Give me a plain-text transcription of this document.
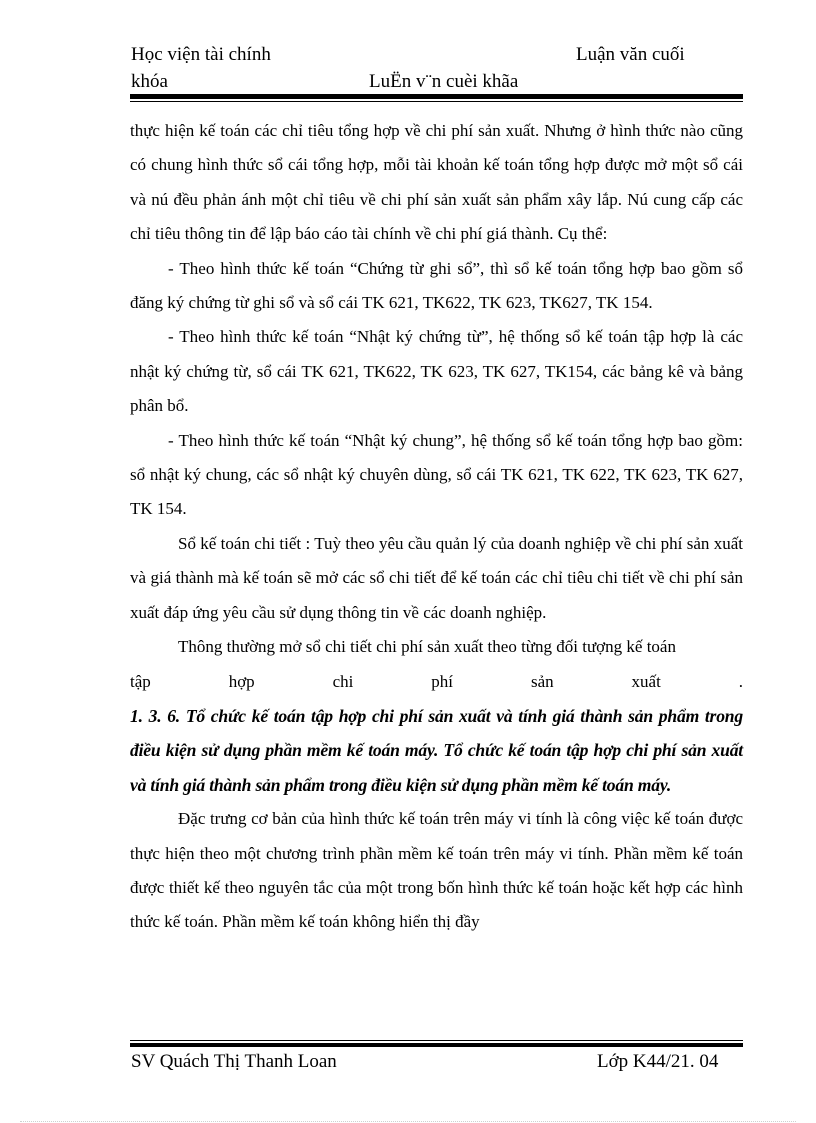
Học viện tài chính	Luận văn cuối
khóa	LuËn v¨n cuèi khãa

thực hiện kế toán các chỉ tiêu tổng hợp về chi phí sản xuất. Nhưng ở hình thức nào cũng có chung hình thức sổ cái tổng hợp, mỗi tài khoản kế toán tổng hợp được mở một sổ cái và nú đều phản ánh một chỉ tiêu về chi phí sản xuất sản phẩm xây lắp. Nú cung cấp các chỉ tiêu thông tin để lập báo cáo tài chính về chi phí giá thành. Cụ thể:

- Theo hình thức kế toán “Chứng từ ghi sổ”, thì sổ kế toán tổng hợp bao gồm sổ đăng ký chứng từ ghi sổ và sổ cái TK 621, TK622, TK 623, TK627, TK 154.

- Theo hình thức kế toán “Nhật ký chứng từ”, hệ thống sổ kế toán tập hợp là các nhật ký chứng từ, sổ cái TK 621, TK622, TK 623, TK 627, TK154, các bảng kê và bảng phân bổ.

- Theo hình thức kế toán “Nhật ký chung”, hệ thống sổ kế toán tổng hợp bao gồm: sổ nhật ký chung, các sổ nhật ký chuyên dùng, sổ cái TK 621, TK 622, TK 623, TK 627, TK 154.

Sổ kế toán chi tiết : Tuỳ theo yêu cầu quản lý của doanh nghiệp về chi phí sản xuất và giá thành mà kế toán sẽ mở các sổ chi tiết để kế toán các chỉ tiêu chi tiết về chi phí sản xuất đáp ứng yêu cầu sử dụng thông tin về các doanh nghiệp.

Thông thường mở sổ chi tiết chi phí sản xuất theo từng đối tượng kế toán

tập hợp chi phí sản xuất .

1. 3. 6. Tổ chức kế toán tập hợp chi phí sản xuất và tính giá thành sản phẩm trong điều kiện sử dụng phần mềm kế toán máy. Tổ chức kế toán tập hợp chi phí sản xuất và tính giá thành sản phẩm trong điều kiện sử dụng phần mềm kế toán máy.

Đặc trưng cơ bản của hình thức kế toán trên máy vi tính là công việc kế toán được thực hiện theo một chương trình phần mềm kế toán trên máy vi tính. Phần mềm kế toán được thiết kế theo nguyên tắc của một trong bốn hình thức kế toán hoặc kết hợp các hình thức kế toán. Phần mềm kế toán không hiển thị đầy

SV Quách Thị Thanh Loan	Lớp K44/21. 04
